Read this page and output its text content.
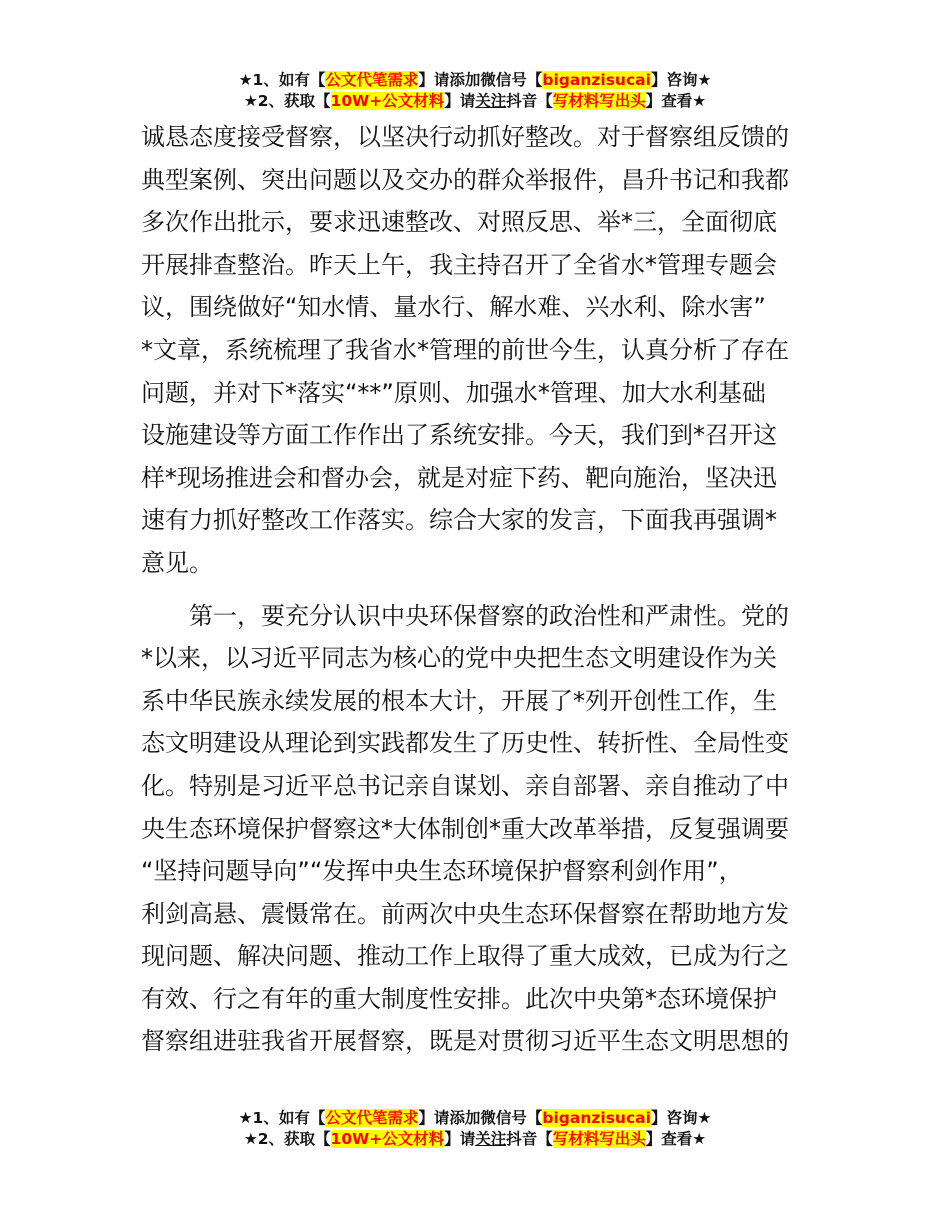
★1、如有【公文代笔需求】请添加微信号【biganzisucai】咨询★
★2、获取【10W+公文材料】请关注抖音【写材料写出头】查看★
诚恳态度接受督察，以坚决行动抓好整改。对于督察组反馈的
典型案例、突出问题以及交办的群众举报件，昌升书记和我都
多次作出批示，要求迅速整改、对照反思、举*三，全面彻底
开展排查整治。昨天上午，我主持召开了全省水*管理专题会
议，围绕做好“知水情、量水行、解水难、兴水利、除水害”
*文章，系统梳理了我省水*管理的前世今生，认真分析了存在
问题，并对下*落实“**”原则、加强水*管理、加大水利基础
设施建设等方面工作作出了系统安排。今天，我们到*召开这
样*现场推进会和督办会，就是对症下药、靶向施治，坚决迅
速有力抓好整改工作落实。综合大家的发言，下面我再强调*
意见。
第一，要充分认识中央环保督察的政治性和严肃性。党的
*以来，以习近平同志为核心的党中央把生态文明建设作为关
系中华民族永续发展的根本大计，开展了*列开创性工作，生
态文明建设从理论到实践都发生了历史性、转折性、全局性变
化。特别是习近平总书记亲自谋划、亲自部署、亲自推动了中
央生态环境保护督察这*大体制创*重大改革举措，反复强调要
“坚持问题导向”“发挥中央生态环境保护督察利剑作用”，
利剑高悬、震慑常在。前两次中央生态环保督察在帮助地方发
现问题、解决问题、推动工作上取得了重大成效，已成为行之
有效、行之有年的重大制度性安排。此次中央第*态环境保护
督察组进驻我省开展督察，既是对贯彻习近平生态文明思想的
★1、如有【公文代笔需求】请添加微信号【biganzisucai】咨询★
★2、获取【10W+公文材料】请关注抖音【写材料写出头】查看★
